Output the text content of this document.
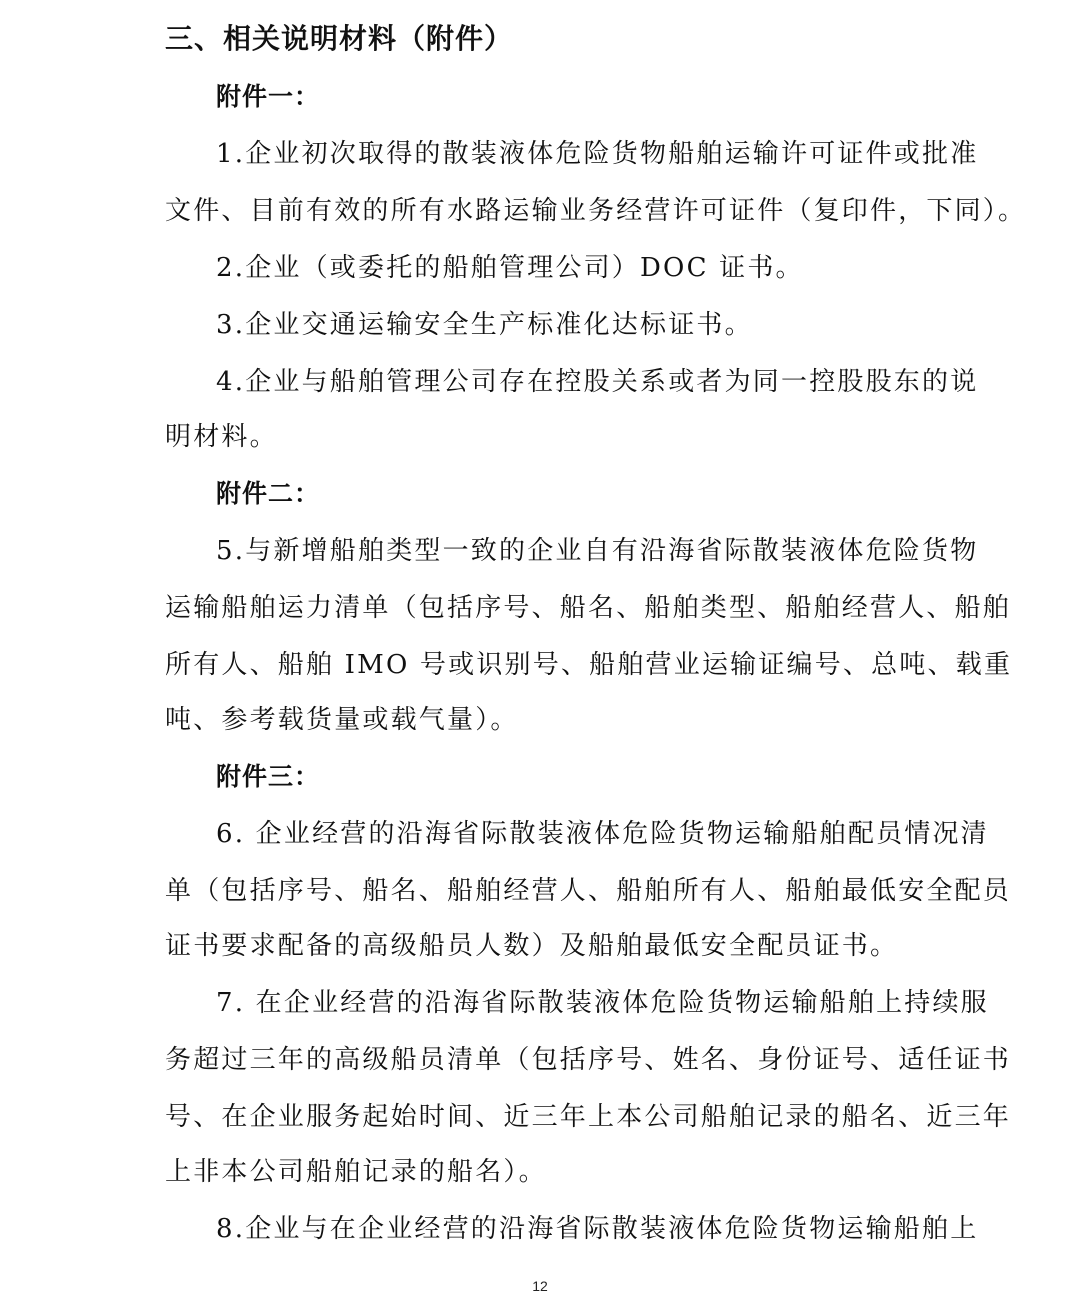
三、相关说明材料（附件）
附件一：
1.企业初次取得的散装液体危险货物船舶运输许可证件或批准
文件、目前有效的所有水路运输业务经营许可证件（复印件，下同）。
2.企业（或委托的船舶管理公司）DOC 证书。
3.企业交通运输安全生产标准化达标证书。
4.企业与船舶管理公司存在控股关系或者为同一控股股东的说
明材料。
附件二：
5.与新增船舶类型一致的企业自有沿海省际散装液体危险货物
运输船舶运力清单（包括序号、船名、船舶类型、船舶经营人、船舶
所有人、船舶 IMO 号或识别号、船舶营业运输证编号、总吨、载重
吨、参考载货量或载气量）。
附件三：
6. 企业经营的沿海省际散装液体危险货物运输船舶配员情况清
单（包括序号、船名、船舶经营人、船舶所有人、船舶最低安全配员
证书要求配备的高级船员人数）及船舶最低安全配员证书。
7. 在企业经营的沿海省际散装液体危险货物运输船舶上持续服
务超过三年的高级船员清单（包括序号、姓名、身份证号、适任证书
号、在企业服务起始时间、近三年上本公司船舶记录的船名、近三年
上非本公司船舶记录的船名）。
8.企业与在企业经营的沿海省际散装液体危险货物运输船舶上
12
